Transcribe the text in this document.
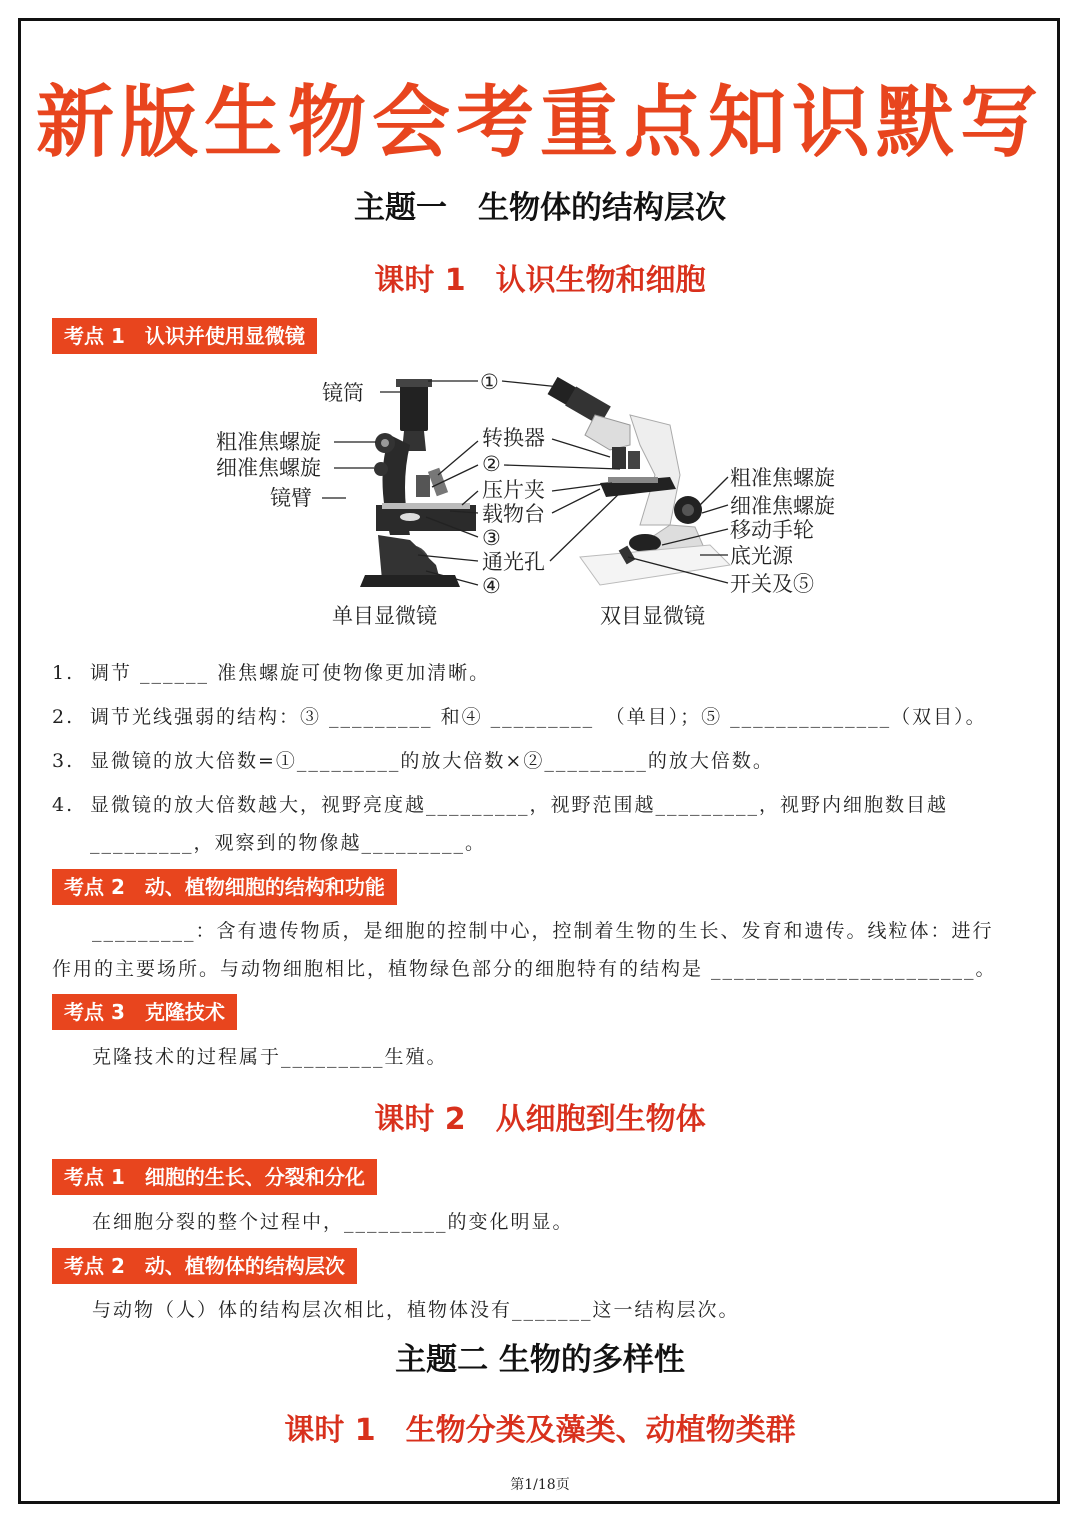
新版生物会考重点知识默写
主题一　生物体的结构层次
课时 1　认识生物和细胞
考点 1　认识并使用显微镜
镜筒
粗准焦螺旋
细准焦螺旋
镜臂
①
转换器
②
压片夹
载物台
③
通光孔
④
粗准焦螺旋
细准焦螺旋
移动手轮
底光源
开关及⑤
单目显微镜	双目显微镜
1. 调节 ______ 准焦螺旋可使物像更加清晰。
2. 调节光线强弱的结构：③ _________ 和④ _________　（单目）；⑤ ______________（双目）。
3. 显微镜的放大倍数=①_________的放大倍数×②_________的放大倍数。
4. 显微镜的放大倍数越大，视野亮度越_________，视野范围越_________，视野内细胞数目越
_________，观察到的物像越_________。
考点 2　动、植物细胞的结构和功能
_________：含有遗传物质，是细胞的控制中心，控制着生物的生长、发育和遗传。线粒体：进行
作用的主要场所。与动物细胞相比，植物绿色部分的细胞特有的结构是 _______________________。
考点 3　克隆技术
克隆技术的过程属于_________生殖。
课时 2　从细胞到生物体
考点 1　细胞的生长、分裂和分化
在细胞分裂的整个过程中，_________的变化明显。
考点 2　动、植物体的结构层次
与动物（人）体的结构层次相比，植物体没有_______这一结构层次。
主题二 生物的多样性
课时 1　生物分类及藻类、动植物类群
第1/18页
